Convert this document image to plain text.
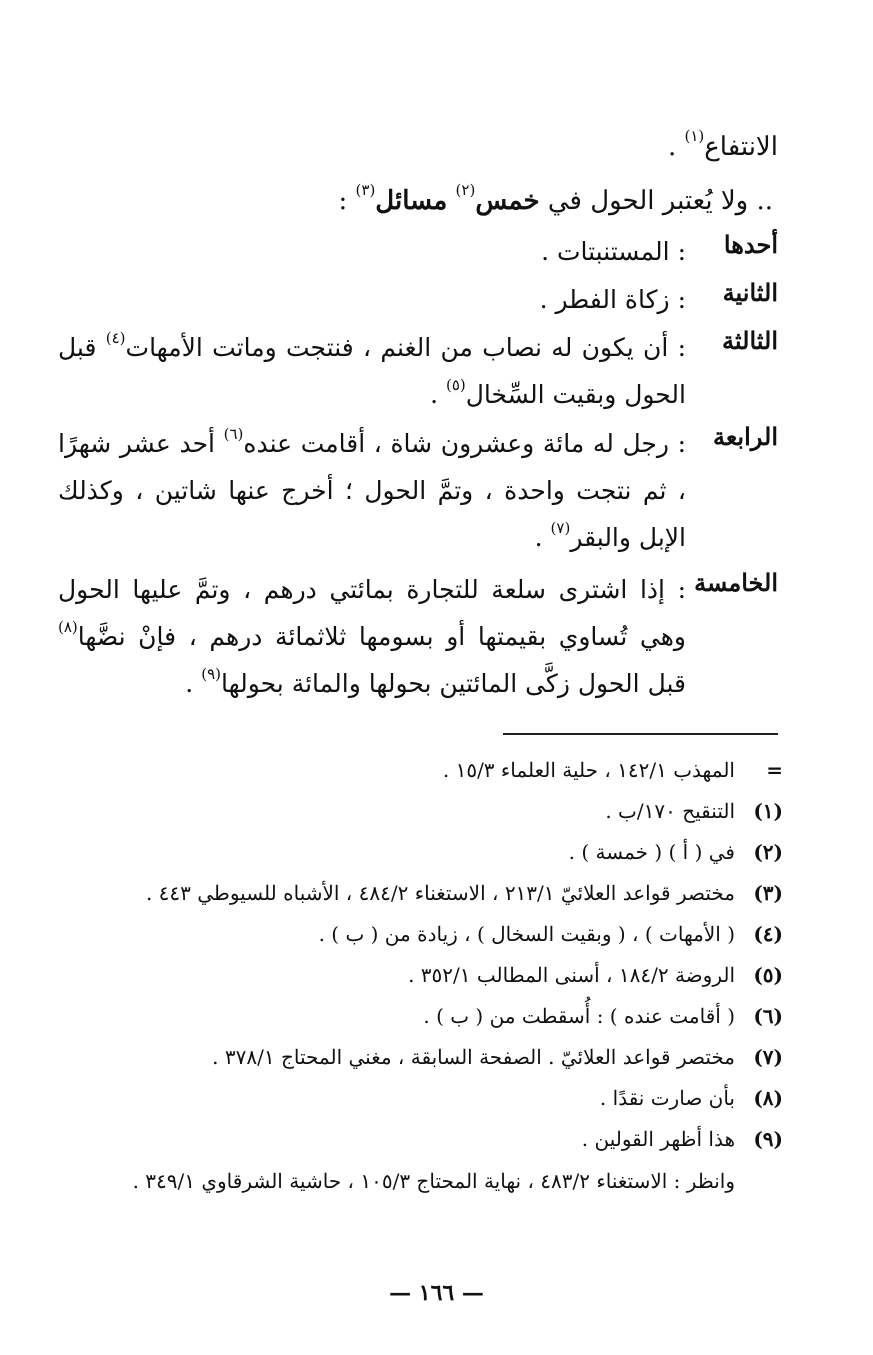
الانتفاع$^{(١)}$ .
.. ولا يُعتبر الحول في خمس$^{(٢)}$ مسائل$^{(٣)}$ :
أحدها
: المستنبتات .
الثانية
: زكاة الفطر .
الثالثة
: أن يكون له نصاب من الغنم ، فنتجت وماتت الأمهات$^{(٤)}$ قبل الحول وبقيت السِّخال$^{(٥)}$ .
الرابعة
: رجل له مائة وعشرون شاة ، أقامت عنده$^{(٦)}$ أحد عشر شهرًا ، ثم نتجت واحدة ، وتمَّ الحول ؛ أخرج عنها شاتين ، وكذلك الإبل والبقر$^{(٧)}$ .
الخامسة
: إذا اشترى سلعة للتجارة بمائتي درهم ، وتمَّ عليها الحول وهي تُساوي بقيمتها أو بسومها ثلاثمائة درهم ، فإنْ نضَّها$^{(٨)}$ قبل الحول زكَّى المائتين بحولها والمائة بحولها$^{(٩)}$ .
=
المهذب ١٤٢/١ ، حلية العلماء ١٥/٣ .
(١)
التنقيح ١٧٠/ب .
(٢)
في ( أ ) ( خمسة ) .
(٣)
مختصر قواعد العلائيّ ٢١٣/١ ، الاستغناء ٤٨٤/٢ ، الأشباه للسيوطي ٤٤٣ .
(٤)
( الأمهات ) ، ( وبقيت السخال ) ، زيادة من ( ب ) .
(٥)
الروضة ١٨٤/٢ ، أسنى المطالب ٣٥٢/١ .
(٦)
( أقامت عنده ) : أُسقطت من ( ب ) .
(٧)
مختصر قواعد العلائيّ . الصفحة السابقة ، مغني المحتاج ٣٧٨/١ .
(٨)
بأن صارت نقدًا .
(٩)
هذا أظهر القولين .
وانظر : الاستغناء ٤٨٣/٢ ، نهاية المحتاج ١٠٥/٣ ، حاشية الشرقاوي ٣٤٩/١ .
— ١٦٦ —
